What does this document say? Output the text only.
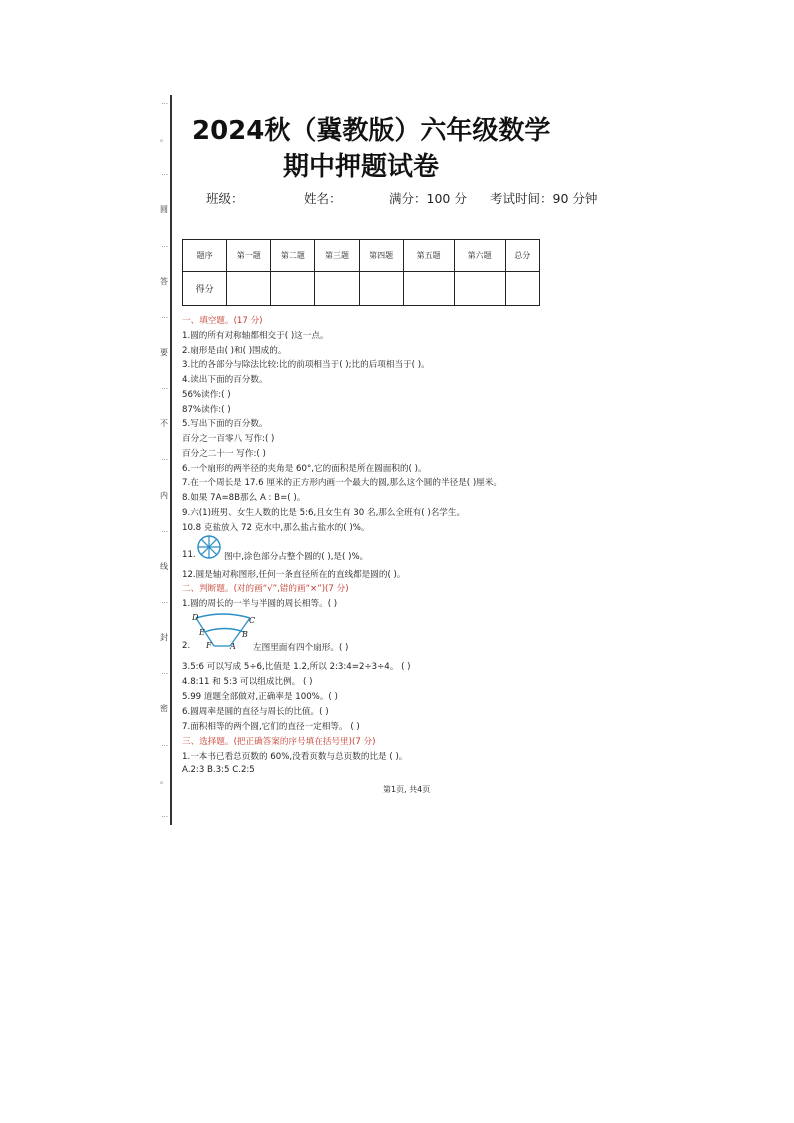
⋮
。
⋮
圆
⋮
答
⋮
要
⋮
不
⋮
内
⋮
线
⋮
封
⋮
密
⋮
。
⋮
2024秋（冀教版）六年级数学
期中押题试卷
班级：	姓名：	满分：100 分 考试时间：90 分钟
题序	第一题	第二题	第三题	第四题	第五题	第六题	总分
得分							
一、填空题。(17 分)
1.圆的所有对称轴都相交于( )这一点。
2.扇形是由( )和( )围成的。
3.比的各部分与除法比较:比的前项相当于( );比的后项相当于( )。
4.读出下面的百分数。
56%读作:( )
87%读作:( )
5.写出下面的百分数。
百分之一百零八 写作:( )
百分之二十一 写作:( )
6.一个扇形的两半径的夹角是 60°,它的面积是所在圆面积的( )。
7.在一个周长是 17.6 厘米的正方形内画一个最大的圆,那么这个圆的半径是( )厘米。
8.如果 7A=8B那么 A : B=( )。
9.六(1)班男、女生人数的比是 5:6,且女生有 30 名,那么全班有( )名学生。
10.8 克盐放入 72 克水中,那么盐占盐水的( )%。
11.	图中,涂色部分占整个圆的( ),是( )%。
12.圆是轴对称图形,任何一条直径所在的直线都是圆的( )。
二、判断题。(对的画“√”,错的画“×”)(7 分)
1.圆的周长的一半与半圆的周长相等。( )
2.	左图里面有四个扇形。( )
3.5:6 可以写成 5÷6,比值是 1.2,所以 2:3:4=2÷3÷4。 ( )
4.8:11 和 5:3 可以组成比例。 ( )
5.99 道题全部做对,正确率是 100%。( )
6.圆周率是圆的直径与周长的比值。( )
7.面积相等的两个圆,它们的直径一定相等。 ( )
三、选择题。(把正确答案的序号填在括号里)(7 分)
1.一本书已看总页数的 60%,没看页数与总页数的比是 ( )。
A.2:3 B.3:5 C.2:5
D	C
E	B
F A
第1页, 共4页
